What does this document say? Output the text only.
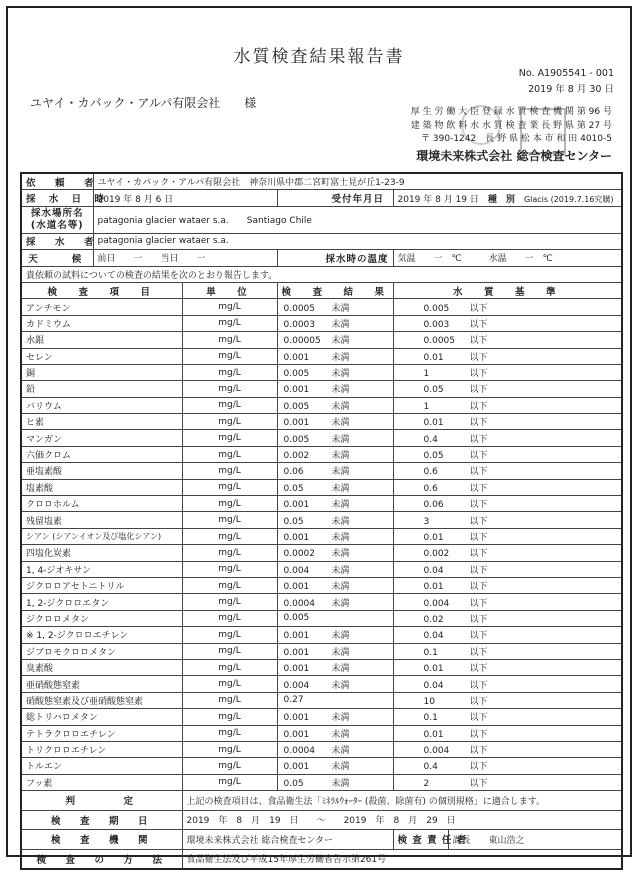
水質検査結果報告書
No. A1905541 - 001
2019 年 8 月 30 日
ユヤイ・カパック・アルパ有限会社　　様
厚 生 労 働 大 臣 登 録 水 質 検 査 機 関 第 96 号
建 築 物 飲 料 水 水 質 検 査 業 長 野 県 第 27 号
〒 390-1242　長 野 県 松 本 市 和 田 4010-5
環境未来株式会社 総合検査センター
依　頼　者	ユヤイ・カパック・アルパ有限会社　神奈川県中郡二宮町富士見が丘1-23-9				
採 水 日 時	2019 年 8 月 6 日		受付年月日	2019 年 8 月 19 日　 種　別　 Glacis (2019.7.16究購)	
採水場所名
(水道名等)	patagonia glacier wataer s.a.　　Santiago Chile				
採　水　者	patagonia glacier wataer s.a.				
天　　候	前日　　一　　当日　　一		採水時の温度	気温　　一　℃　　　水温　　一　℃	
貴依頼の試料についての検査の結果を次のとおり報告します。					
検　査　項　目		単　位	検　査　結　果	水　質　基　準	
アンチモン		mg/L	0.0005 未満	0.005 以下	
カドミウム		mg/L	0.0003 未満	0.003 以下	
水銀		mg/L	0.00005 未満	0.0005 以下	
セレン		mg/L	0.001 未満	0.01 以下	
銅		mg/L	0.005 未満	1 以下	
鉛		mg/L	0.001 未満	0.05 以下	
バリウム		mg/L	0.005 未満	1 以下	
ヒ素		mg/L	0.001 未満	0.01 以下	
マンガン		mg/L	0.005 未満	0.4 以下	
六価クロム		mg/L	0.002 未満	0.05 以下	
亜塩素酸		mg/L	0.06 未満	0.6 以下	
塩素酸		mg/L	0.05 未満	0.6 以下	
クロロホルム		mg/L	0.001 未満	0.06 以下	
残留塩素		mg/L	0.05 未満	3 以下	
シアン (シアンイオン及び塩化シアン)		mg/L	0.001 未満	0.01 以下	
四塩化炭素		mg/L	0.0002 未満	0.002 以下	
1, 4-ジオキサン		mg/L	0.004 未満	0.04 以下	
ジクロロアセトニトリル		mg/L	0.001 未満	0.01 以下	
1, 2-ジクロロエタン		mg/L	0.0004 未満	0.004 以下	
ジクロロメタン		mg/L	0.005	0.02 以下	
※ 1, 2-ジクロロエチレン		mg/L	0.001 未満	0.04 以下	
ジブロモクロロメタン		mg/L	0.001 未満	0.1 以下	
臭素酸		mg/L	0.001 未満	0.01 以下	
亜硝酸態窒素		mg/L	0.004 未満	0.04 以下	
硝酸態窒素及び亜硝酸態窒素		mg/L	0.27	10 以下	
総トリハロメタン		mg/L	0.001 未満	0.1 以下	
テトラクロロエチレン		mg/L	0.001 未満	0.01 以下	
トリクロロエチレン		mg/L	0.0004 未満	0.004 以下	
トルエン		mg/L	0.001 未満	0.4 以下	
フッ素		mg/L	0.05 未満	2 以下	
判　　　定		上記の検査項目は、食品衛生法「ﾐﾈﾗﾙｳｫｰﾀｰ (殺菌、除菌有) の個別規格」に適合します。			
検　査　期　日		2019　年　8　月　19　日　　～　　2019　年　8　月　29　日			
検　査　機　関		環境未来株式会社 総合検査センター		検 査 責 任 者	課長　　東山浩之
検　査　の　方　法		食品衛生法及び平成15年厚生労働省告示第261号			
